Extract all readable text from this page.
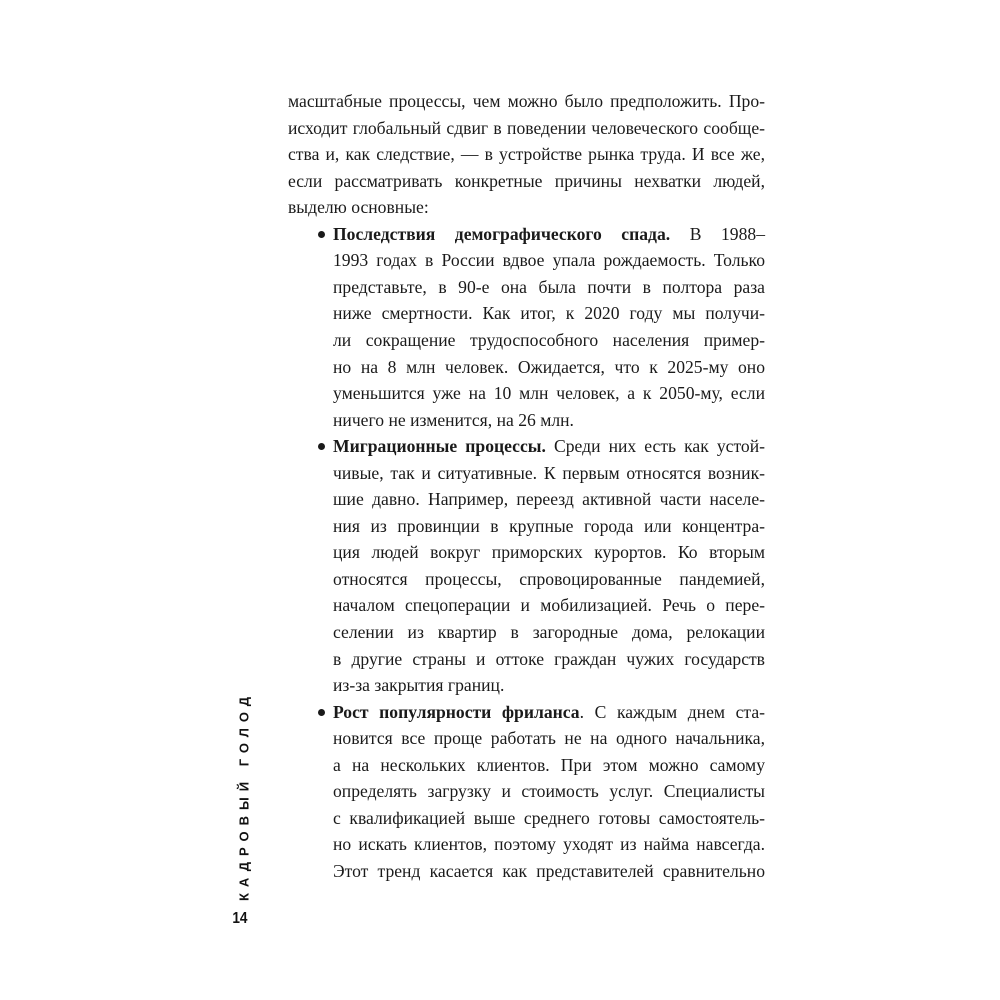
масштабные процессы, чем можно было предположить. Про-
исходит глобальный сдвиг в поведении человеческого сообще-
ства и, как следствие, — в устройстве рынка труда. И все же,
если рассматривать конкретные причины нехватки людей,
выделю основные:
Последствия демографического спада. В 1988–
1993 годах в России вдвое упала рождаемость. Только
представьте, в 90-е она была почти в полтора раза
ниже смертности. Как итог, к 2020 году мы получи-
ли сокращение трудоспособного населения пример-
но на 8 млн человек. Ожидается, что к 2025-му оно
уменьшится уже на 10 млн человек, а к 2050-му, если
ничего не изменится, на 26 млн.
Миграционные процессы. Среди них есть как устой-
чивые, так и ситуативные. К первым относятся возник-
шие давно. Например, переезд активной части населе-
ния из провинции в крупные города или концентра-
ция людей вокруг приморских курортов. Ко вторым
относятся процессы, спровоцированные пандемией,
началом спецоперации и мобилизацией. Речь о пере-
селении из квартир в загородные дома, релокации
в другие страны и оттоке граждан чужих государств
из-за закрытия границ.
Рост популярности фриланса. С каждым днем ста-
новится все проще работать не на одного начальника,
а на нескольких клиентов. При этом можно самому
определять загрузку и стоимость услуг. Специалисты
с квалификацией выше среднего готовы самостоятель-
но искать клиентов, поэтому уходят из найма навсегда.
Этот тренд касается как представителей сравнительно
КАДРОВЫЙ ГОЛОД
14
